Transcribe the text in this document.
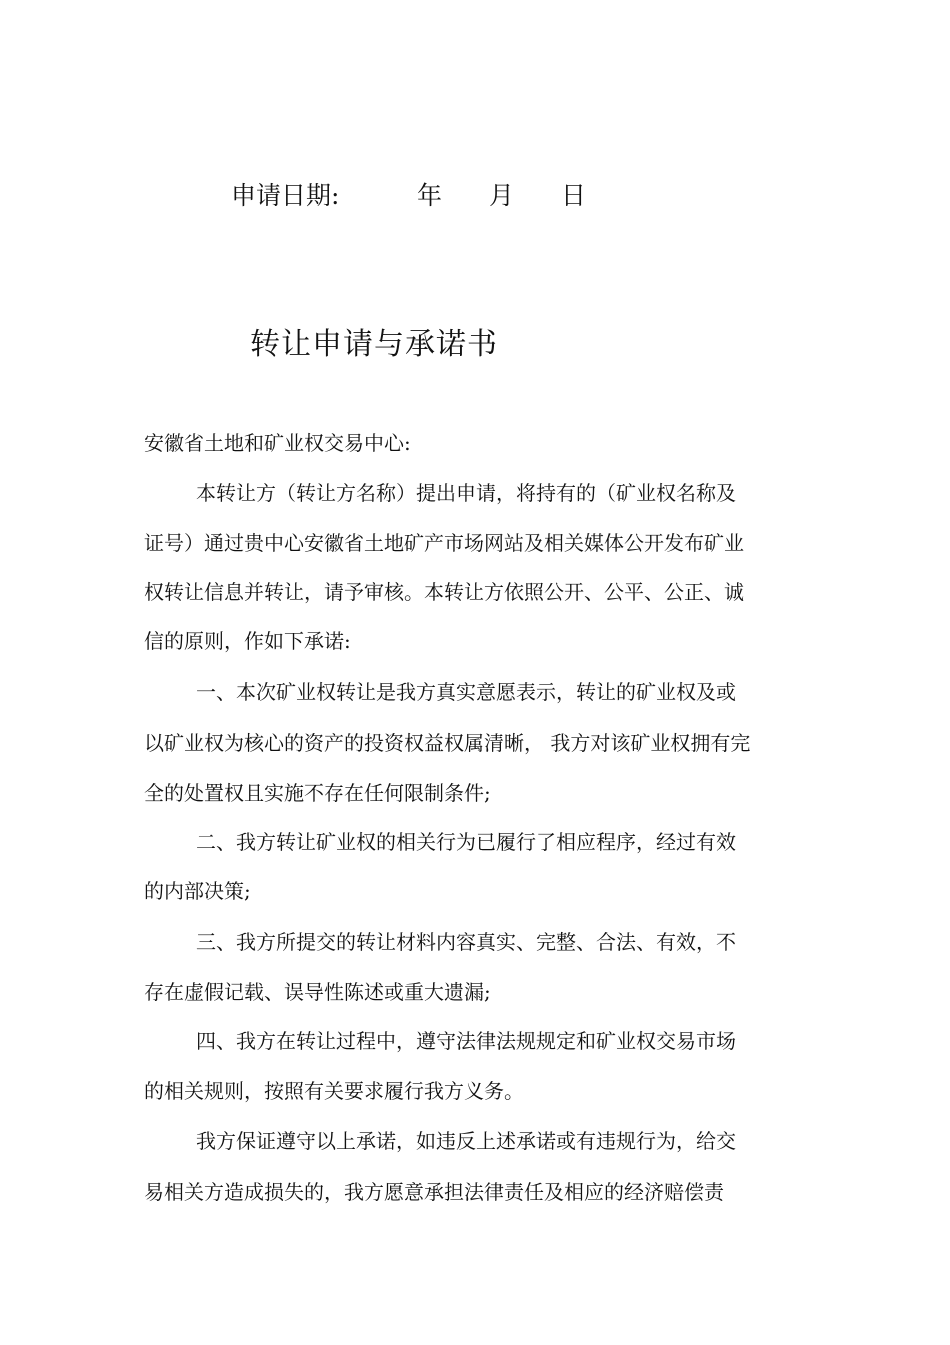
申请日期:	年 月 日
转让申请与承诺书
安徽省土地和矿业权交易中心:
本转让方（转让方名称）提出申请，将持有的（矿业权名称及
证号）通过贵中心安徽省土地矿产市场网站及相关媒体公开发布矿业
权转让信息并转让，请予审核。本转让方依照公开、公平、公正、诚
信的原则，作如下承诺:
一、本次矿业权转让是我方真实意愿表示，转让的矿业权及或
以矿业权为核心的资产的投资权益权属清晰， 我方对该矿业权拥有完
全的处置权且实施不存在任何限制条件;
二、我方转让矿业权的相关行为已履行了相应程序，经过有效
的内部决策;
三、我方所提交的转让材料内容真实、完整、合法、有效，不
存在虚假记载、误导性陈述或重大遗漏;
四、我方在转让过程中，遵守法律法规规定和矿业权交易市场
的相关规则，按照有关要求履行我方义务。
我方保证遵守以上承诺，如违反上述承诺或有违规行为，给交
易相关方造成损失的，我方愿意承担法律责任及相应的经济赔偿责
